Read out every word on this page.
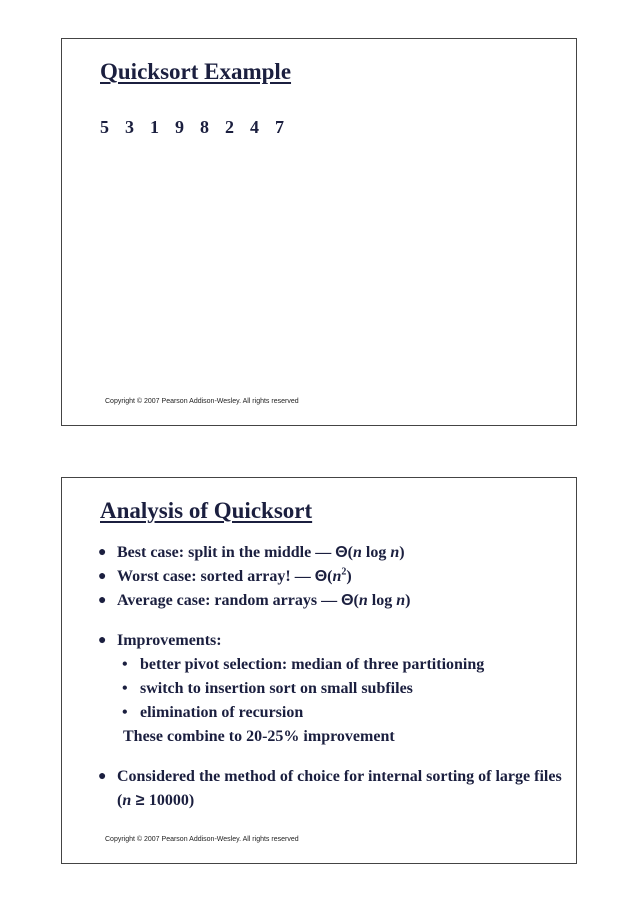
Quicksort Example
5 3 1 9 8 2 4 7
Copyright © 2007 Pearson Addison-Wesley. All rights reserved
Analysis of Quicksort
● Best case: split in the middle — Θ(n log n)
● Worst case: sorted array! — $\Theta(n^2)$
● Average case: random arrays — Θ(n log n)
● Improvements:
• better pivot selection: median of three partitioning
• switch to insertion sort on small subfiles
• elimination of recursion
These combine to 20-25% improvement
● Considered the method of choice for internal sorting of large files (n ≥ 10000)
Copyright © 2007 Pearson Addison-Wesley. All rights reserved
